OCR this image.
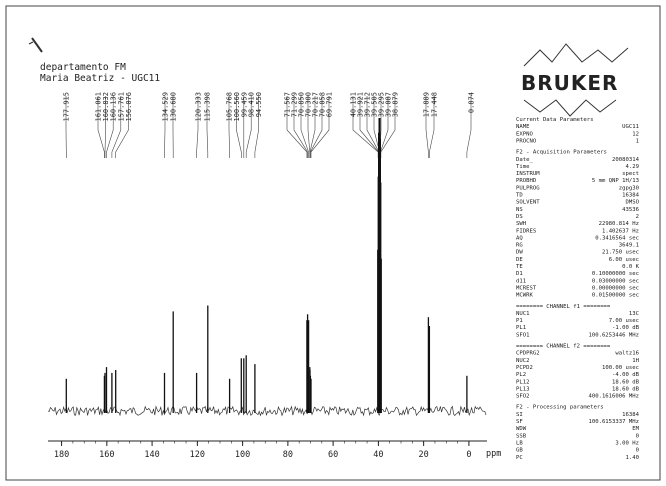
departamento FM
Maria Beatriz - UGC11	BRUKER
177.915	161.061 160.832 160.136 157.761 156.076	134.529 130.680 120.333 115.398 105.768 100.560 99.459 98.410 94.550	71.567 71.299 70.850 70.300 70.217 70.058 69.791 40.131 39.921 39.712 39.505 39.295 39.087 38.879	17.889 17.448	0.874
180	160	140	120	100	80	60	40	20	0 ppm
Current Data Parameters
NAME	UGC11
EXPNO	12
PROCNO	1
F2 - Acquisition Parameters
Date_	20080314
Time	4.29
INSTRUM	spect
PROBHD	5 mm QNP 1H/13
PULPROG	zgpg30
TD	16384
SOLVENT	DMSO
NS	43536
DS	2
SWH	22980.814 Hz
FIDRES	1.402637 Hz
AQ	0.3416564 sec
RG	3649.1
DW	21.750 usec
DE	6.00 usec
TE	0.0 K
D1	0.10000000 sec
d11	0.03000000 sec
MCREST	0.00000000 sec
MCWRK	0.01500000 sec
======== CHANNEL f1 ========
NUC1	13C
P1	7.00 usec
PL1	-1.00 dB
SFO1	100.6253446 MHz
======== CHANNEL f2 ========
CPDPRG2	waltz16
NUC2	1H
PCPD2	100.00 usec
PL2	-4.00 dB
PL12	18.60 dB
PL13	18.60 dB
SFO2	400.1616006 MHz
F2 - Processing parameters
SI	16384
SF	100.6153337 MHz
WDW	EM
SSB	0
LB	3.00 Hz
GB	0
PC	1.40
